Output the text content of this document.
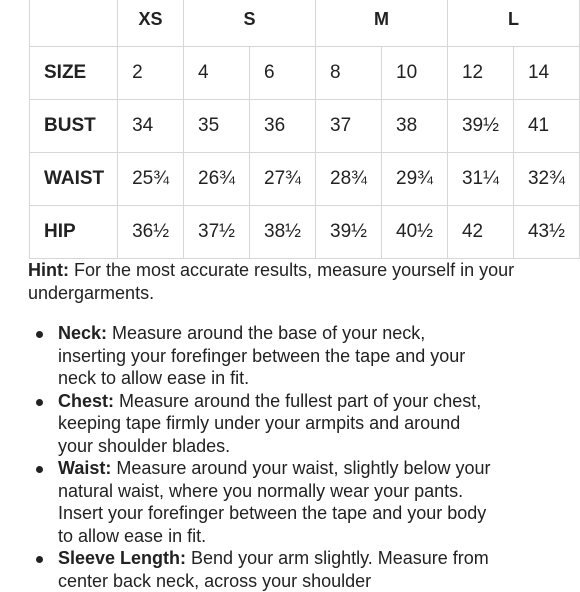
	XS	S		M		L	
SIZE	2	4	6	8	10	12	14
BUST	34	35	36	37	38	39½	41
WAIST	25¾	26¾	27¾	28¾	29¾	31¼	32¾
HIP	36½	37½	38½	39½	40½	42	43½
Hint: For the most accurate results, measure yourself in your undergarments.
Neck: Measure around the base of your neck, inserting your forefinger between the tape and your neck to allow ease in fit.
Chest: Measure around the fullest part of your chest, keeping tape firmly under your armpits and around your shoulder blades.
Waist: Measure around your waist, slightly below your natural waist, where you normally wear your pants. Insert your forefinger between the tape and your body to allow ease in fit.
Sleeve Length: Bend your arm slightly. Measure from center back neck, across your shoulder
